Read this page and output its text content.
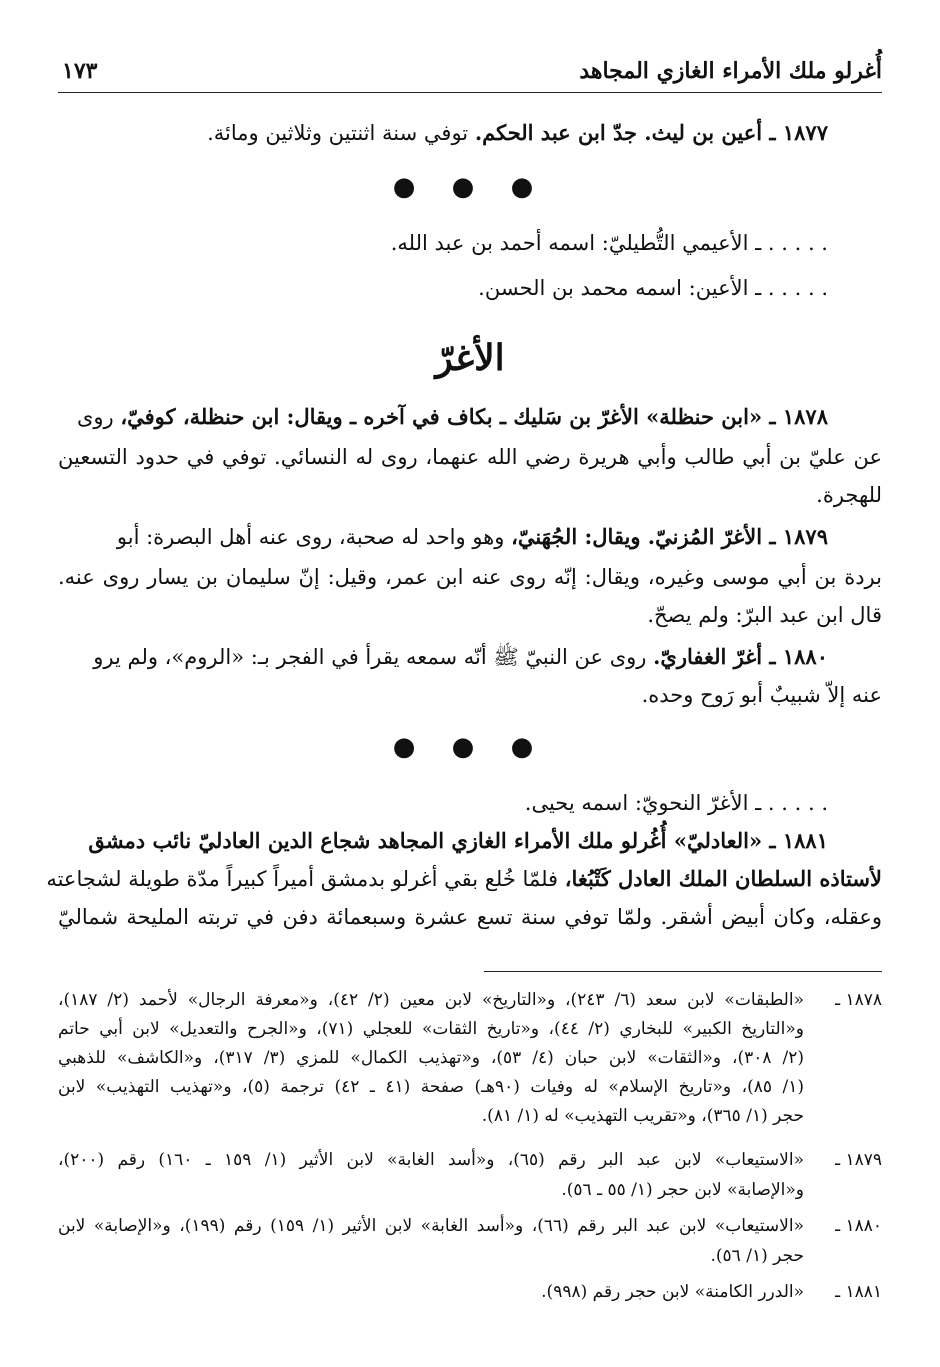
أُغرلو ملك الأمراء الغازي المجاهد
١٧٣
١٨٧٧ ـ أعين بن ليث. جدّ ابن عبد الحكم. توفي سنة اثنتين وثلاثين ومائة.
● ● ●
. . . . . ـ الأعيمي التُّطيليّ: اسمه أحمد بن عبد الله.
. . . . . ـ الأعين: اسمه محمد بن الحسن.
الأغرّ
١٨٧٨ ـ «ابن حنظلة» الأغرّ بن سَليك ـ بكاف في آخره ـ ويقال: ابن حنظلة، كوفيّ، روى
عن عليّ بن أبي طالب وأبي هريرة رضي الله عنهما، روى له النسائي. توفي في حدود التسعين
للهجرة.
١٨٧٩ ـ الأغرّ المُزنيّ. ويقال: الجُهَنيّ، وهو واحد له صحبة، روى عنه أهل البصرة: أبو
بردة بن أبي موسى وغيره، ويقال: إنّه روى عنه ابن عمر، وقيل: إنّ سليمان بن يسار روى عنه.
قال ابن عبد البرّ: ولم يصحّ.
١٨٨٠ ـ أغرّ الغفاريّ. روى عن النبيّ ﷺ أنّه سمعه يقرأ في الفجر بـ: «الروم»، ولم يرو
عنه إلاّ شبيبٌ أبو رَوح وحده.
● ● ●
. . . . . ـ الأغرّ النحويّ: اسمه يحيى.
١٨٨١ ـ «العادليّ» أُغُرلو ملك الأمراء الغازي المجاهد شجاع الدين العادليّ نائب دمشق
لأستاذه السلطان الملك العادل كَتْبُغا، فلمّا خُلع بقي أغرلو بدمشق أميراً كبيراً مدّة طويلة لشجاعته
وعقله، وكان أبيض أشقر. ولمّا توفي سنة تسع عشرة وسبعمائة دفن في تربته المليحة شماليّ
١٨٧٨ ـ
«الطبقات» لابن سعد (٦/ ٢٤٣)، و«التاريخ» لابن معين (٢/ ٤٢)، و«معرفة الرجال» لأحمد (٢/ ١٨٧)،
و«التاريخ الكبير» للبخاري (٢/ ٤٤)، و«تاريخ الثقات» للعجلي (٧١)، و«الجرح والتعديل» لابن أبي حاتم
(٢/ ٣٠٨)، و«الثقات» لابن حبان (٤/ ٥٣)، و«تهذيب الكمال» للمزي (٣/ ٣١٧)، و«الكاشف» للذهبي
(١/ ٨٥)، و«تاريخ الإسلام» له وفيات (٩٠هـ) صفحة (٤١ ـ ٤٢) ترجمة (٥)، و«تهذيب التهذيب» لابن
حجر (١/ ٣٦٥)، و«تقريب التهذيب» له (١/ ٨١).
١٨٧٩ ـ
«الاستيعاب» لابن عبد البر رقم (٦٥)، و«أسد الغابة» لابن الأثير (١/ ١٥٩ ـ ١٦٠) رقم (٢٠٠)،
و«الإصابة» لابن حجر (١/ ٥٥ ـ ٥٦).
١٨٨٠ ـ
«الاستيعاب» لابن عبد البر رقم (٦٦)، و«أسد الغابة» لابن الأثير (١/ ١٥٩) رقم (١٩٩)، و«الإصابة» لابن
حجر (١/ ٥٦).
١٨٨١ ـ
«الدرر الكامنة» لابن حجر رقم (٩٩٨).
